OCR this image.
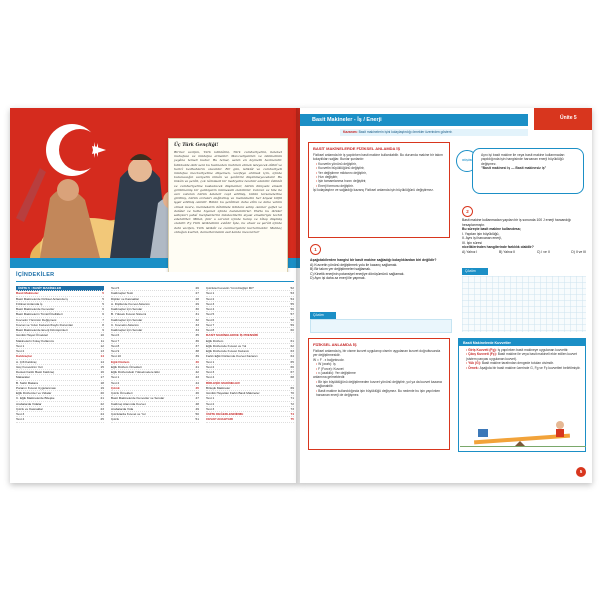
Üç Türk Gençliği!
Birinci vazifen, Türk istiklâlini, Türk cumhuriyetini, ilelebet muhafaza ve müdafaa etmektir. Mevcudiyetinin ve istikbalinin yegâne temeli budur. Bu temel, senin en kıymetli hazinendir. İstikbalde dahi seni bu hazineden mahrum etmek isteyecek dâhilî ve haricî bedhahların olacaktır. Bir gün, istiklâl ve cumhuriyeti müdafaa mecburiyetine düşersen, vazifeye atılmak için, içinde bulunacağın vaziyetin imkân ve şerâitini düşünmeyeceksin! Bu imkân ve şerâit, çok nâmüsait bir mahiyette tezahür edebilir. İstiklâl ve cumhuriyetine kastedecek düşmanlar, bütün dünyada emsali görülmemiş bir galibiyetin mümessili olabilirler. Cebren ve hile ile aziz vatanın bütün kaleleri zapt edilmiş, bütün tersanelerine girilmiş, bütün orduları dağıtılmış ve memleketin her köşesi bilfiil işgal edilmiş olabilir. Bütün bu şerâitten daha elîm ve daha vahim olmak üzere, memleketin dâhilinde iktidara sahip olanlar gaflet ve dalâlet ve hatta hıyanet içinde bulunabilirler. Hatta bu iktidar sahipleri şahsî menfaatlerini müstevlilerin siyasi emelleriyle tevhit edebilirler. Millet, fakr u zaruret içinde harap ve bîtap düşmüş olabilir. Ey Türk istikbalinin evlâdı! İşte, bu ahval ve şerâit içinde dahi vazifen, Türk istiklâl ve cumhuriyetini kurtarmaktır. Muhtaç olduğun kudret, damarlarındaki asil kanda mevcuttur!
İÇİNDEKİLER
ÜNİTE 5 : BASİT MAKİNELER
Basit Makineler	5
Basit Makinelerde Fiziksel Anlamda İş	5
Fiziksel Anlamda İş	5
Basit Makinelerde Kuvvetler	6
Basit Makinelerin Tümü/Özellikleri	6
Kuvvetin Yönünün Değişmesi	7
Kuvvet ve Yolun Kazancı/Kaybı Durumları	8
Basit Makinelerde Enerji Dönüşümleri	9
Günlük Hayat Örnekleri	10
Makinelerin Kolay Kullanımı	11
Test 1	12
Test 2	13
Kaldıraçlar	14
A. Çift Kaldıraç	14
Güç Kuvvetinin Yeri	15
Destek Farklı Basit Kaldıraç	16
Makaralar	17
B. Sabit Makara	18
Paranın Kuvvet Uygulanması	19
Eğik Düzlemler ve Vidalar	20
C. Eğik Makinelerde Bileşke	21
Arabalarda Vidalar	22
Çıkrık ve Kasnaklar	23
Test 3	24
Test 4	25
Test 5	26
Kaldıraçlar Testi	27
Dişliler ve Kasnaklar	28
A. Dişlilerde Kuvvet Aktarımı	29
Kaldıraçlar İçin Sorular	30
B. Yüksek Kuvvet Sistemi	31
Kaldıraçlar İçin Sorular	32
C. Kuvvetin Aktarımı	33
Kaldıraçlar İçin Sorular	34
Test 6	35
Test 7	36
Test 8	37
Test 9	38
Test 10	39
Eğik Düzlem	40
Eğik Düzlem Örnekleri	41
Eğik Düzlemdeki Yükselmelere Etki	42
Test 1	43
Test 2	44
Çıkrık	45
Çıkrık Örnekleri	46
Basit Makinelerde Kuvvetler ve Sorular	47
Kaldıraç Alanında Kuvvet	48
Arabalarda Vida	49
Çıkrıklarda Kuvvet ve Yol	50
Çıkrık	51
Çıkrıkta Kuvvetin Yönü Değişir Mi?	52
Test 1	53
Test 2	54
Test 3	55
Test 4	56
Test 5	57
Test 6	58
Test 7	59
Test 8	60
BASİT MAKİNELERDE İŞ PRENSİBİ
Eğik Düzlem	61
Eğik Düzlemde Kuvvet ve Yol	62
Eğik Düzlemde Kuvvet Kazancı	63
Farklı Eğik Düzlemde Kuvvet Kazancı	64
Test 1	65
Test 2	66
Test 3	67
Test 4	68
BİRLEŞİK MAKİNELER
Birleşik Makineler	69
Günlük Hayattan Farklı Basit Makineler	70
Test 1	71
Test 2	72
Test 3	73
ÜNİTE DEĞERLENDİRME	74
CEVAP ANAHTARI	75
Basit Makineler - İş / Enerji	Ünite 5
Kazanım: Basit makinelerin işini kolaylaştırdığı örnekler üzerinden gösterir.
BASİT MAKİNELERDE FİZİKSEL ANLAMDA İŞ
Fiziksel anlamda bir iş yapılırken basit makine kullanılabilir. Bu durumda makine bir takım kolaylıkları sağlar. Bunlar şunlardır:
• Kuvvetin yönünü değiştirir,
• Kuvvetin büyüklüğünü değiştirir,
• Yer değiştirme miktarını değiştirir,
• Hızı değiştirir,
• İşin tamamlanma hızını değiştirir,
• Enerji formunu değiştirir.
İşi kolaylaştırır ve sağladığı kazanç Fiziksel anlamda işin büyüklüğünü değiştirmez.
1
Aşağıdakilerden hangisi bir basit makine sağladığı kolaylıklardan biri değildir?
A) Kuvvetin yönünü değiştirmek yolu ile kazanç sağlamak.
B) Bir takım yer değiştirmeleri sağlamak.
C) Kinetik enerjinin potansiyel enerjiye dönüşümünü sağlamak.
D) Aynı işi daha az enerji ile yapmak.
Çözüm
FİZİKSEL ANLAMDA İŞ
Fiziksel anlamda iş, bir cisme kuvvet uygulanıp cismin uygulanan kuvvet doğrultusunda yer değiştirmesidir.
W = F . x bağıntısıdır.
• W (work): İş
• F (Force): Kuvvet
• x (uzaklık): Yer değiştirme
anlamına gelmektedir.
• Bir işin büyüklüğünü değiştirmeden kuvvet yönünü değiştirir, yol ya da kuvvet kazancı sağlanabilir.
• Basit makine kullanıldığında işin büyüklüğü değişmez. Bu nedenle bu işin yapılırken harcanan enerji de değişmez.
DÜŞÜN
Aynı işi basit makine ile veya basit makine kullanmadan yapıldığında işin hangisinde harcanan enerji büyüklüğü değişmez.
"Basit makinesi iş — Basit makinesiz iş"
2
Basit makine kullanmadan yapılan bir iş sonunda 100 J enerji harcandığı hesaplanmıştır.
Bu süreçte basit makine kullanılırsa;
I. Yapılan işin büyüklüğü,
II. Aynı işi harcanan enerji,
III. İşin süresi
niceliklerinden hangilerinde farklılık olabilir?
A) Yalnız I	B) Yalnız II	C) I ve II	D) II ve III
Çözüm
Basit Makinelerde Kuvvetler
• Giriş Kuvveti (Fg): İş yapılırken basit makineye uygulanan kuvvettir.
• Çıkış Kuvveti (Fç): Basit makine ile veya basit makineli elde edilen kuvvet (sistem parçası uygulanan kuvvet).
• Yük (G): Basit makine tarafından dengede tutulan cisimdir.
• Örnek: Aşağıda bir basit makine üzerinde G, Fg ve Fç kuvvetleri belirtilmiştir.
5
